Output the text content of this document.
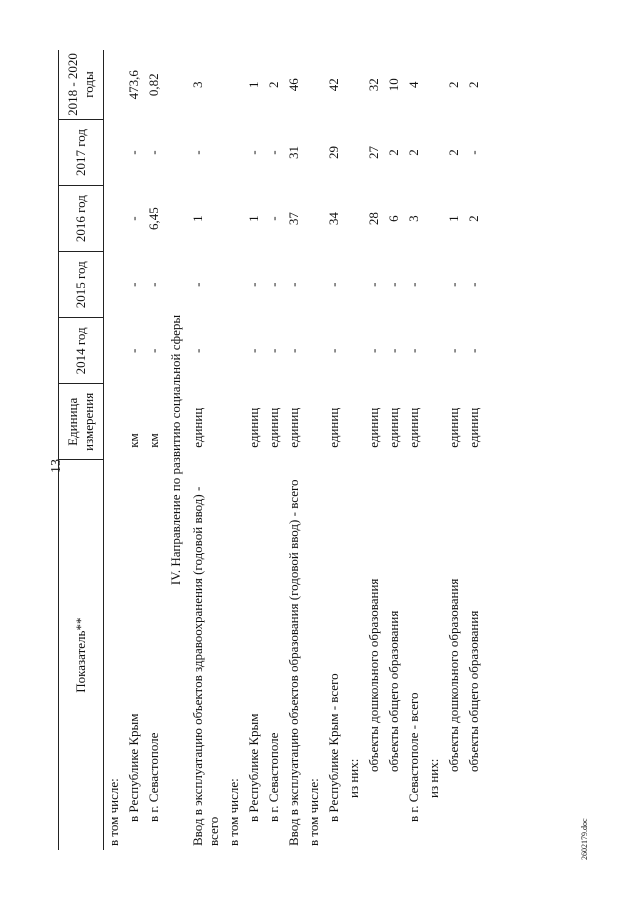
13
2602179.doc
Показатель**	Единица измерения	2014 год	2015 год	2016 год	2017 год	2018 - 2020 годы
в том числе:						
в Республике Крым	км	-	-	-	-	473,6
в г. Севастополе	км	-	-	6,45	-	0,82
IV. Направление по развитию социальной сферы						
Ввод в эксплуатацию объектов здравоохранения (годовой ввод) - всего	единиц	-	-	1	-	3
в том числе:						
в Республике Крым	единиц	-	-	1	-	1
в г. Севастополе	единиц	-	-	-	-	2
Ввод в эксплуатацию объектов образования (годовой ввод) - всего	единиц	-	-	37	31	46
в том числе:						
в Республике Крым - всего	единиц	-	-	34	29	42
из них:						
объекты дошкольного образования	единиц	-	-	28	27	32
объекты общего образования	единиц	-	-	6	2	10
в г. Севастополе - всего	единиц	-	-	3	2	4
из них:						
объекты дошкольного образования	единиц	-	-	1	2	2
объекты общего образования	единиц	-	-	2	-	2
